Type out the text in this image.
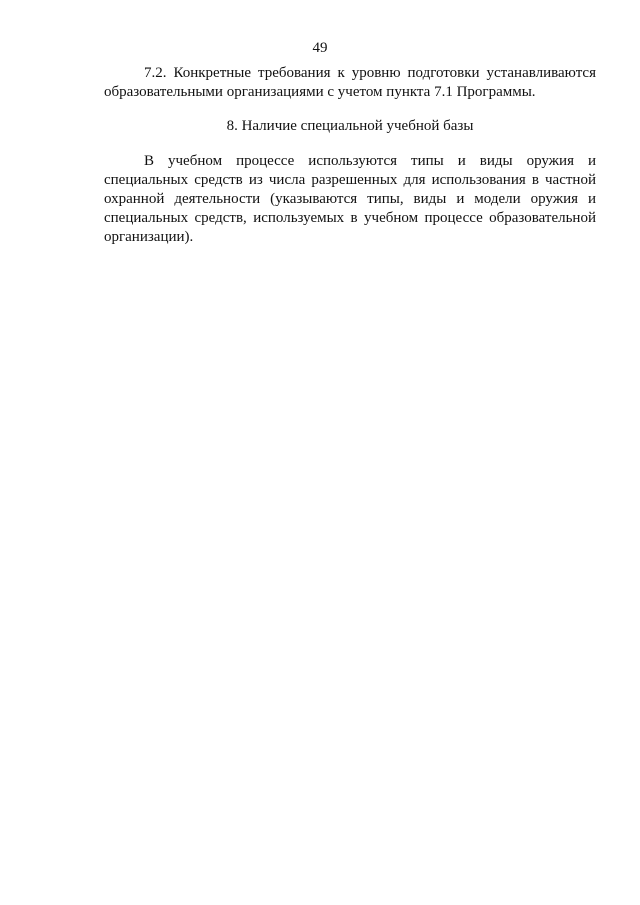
49

7.2. Конкретные требования к уровню подготовки устанавливаются образовательными организациями с учетом пункта 7.1 Программы.

8. Наличие специальной учебной базы

В учебном процессе используются типы и виды оружия и специальных средств из числа разрешенных для использования в частной охранной деятельности (указываются типы, виды и модели оружия и специальных средств, используемых в учебном процессе образовательной организации).
